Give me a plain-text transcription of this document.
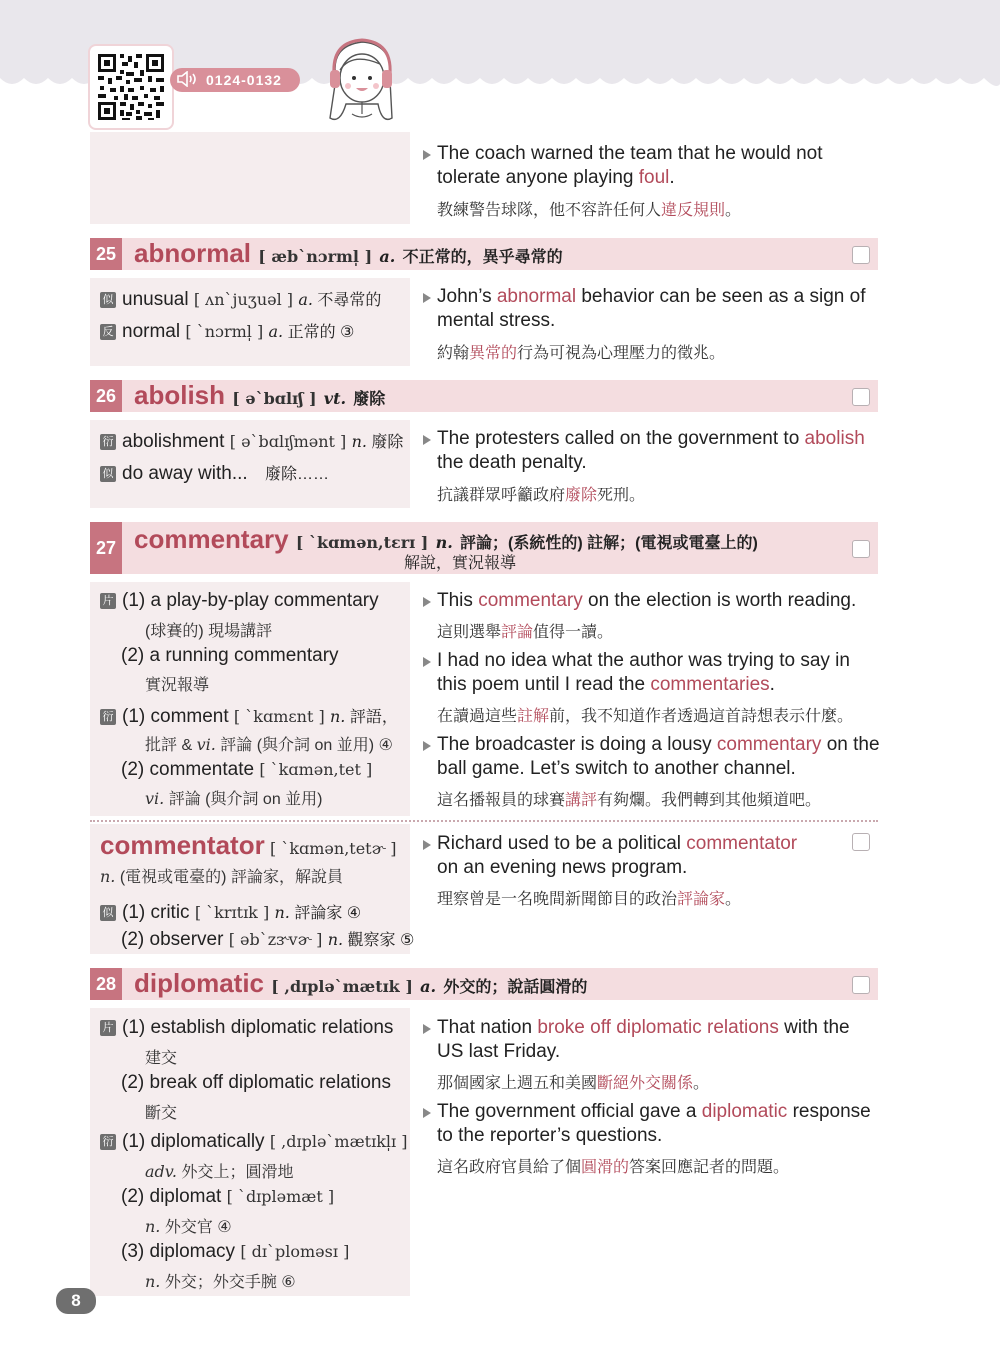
0124-0132
The coach warned the team that he would not
tolerate anyone playing foul.
教練警告球隊，他不容許任何人違反規則。
25 abnormal [ æbˋnɔrml̩ ] a. 不正常的，異乎尋常的
似 unusual [ ʌnˋjuʒuəl ] a. 不尋常的
反 normal [ ˋnɔrml̩ ] a. 正常的 ③
John’s abnormal behavior can be seen as a sign of
mental stress.
約翰異常的行為可視為心理壓力的徵兆。
26 abolish [ əˋbɑlɪʃ ] vt. 廢除
衍 abolishment [ əˋbɑlɪʃmənt ] n. 廢除
似 do away with... 廢除……
The protesters called on the government to abolish
the death penalty.
抗議群眾呼籲政府廢除死刑。
27 commentary [ ˋkɑmən,tɛrɪ ] n. 評論；(系統性的) 註解；(電視或電臺上的)
解說，實況報導
片 (1) a play-by-play commentary
(球賽的) 現場講評
(2) a running commentary
實況報導
衍 (1) comment [ ˋkɑmɛnt ] n. 評語，
批評 & vi. 評論 (與介詞 on 並用) ④
(2) commentate [ ˋkɑmən,tet ]
vi. 評論 (與介詞 on 並用)
This commentary on the election is worth reading.
這則選舉評論值得一讀。
I had no idea what the author was trying to say in
this poem until I read the commentaries.
在讀過這些註解前，我不知道作者透過這首詩想表示什麼。
The broadcaster is doing a lousy commentary on the
ball game. Let’s switch to another channel.
這名播報員的球賽講評有夠爛。我們轉到其他頻道吧。
commentator [ ˋkɑmən,tetɚ ]
n. (電視或電臺的) 評論家，解說員
似 (1) critic [ ˋkrɪtɪk ] n. 評論家 ④
(2) observer [ əbˋzɝvɚ ] n. 觀察家 ⑤
Richard used to be a political commentator
on an evening news program.
理察曾是一名晚間新聞節目的政治評論家。
28 diplomatic [ ,dɪpləˋmætɪk ] a. 外交的；說話圓滑的
片 (1) establish diplomatic relations
建交
(2) break off diplomatic relations
斷交
衍 (1) diplomatically [ ,dɪpləˋmætɪkl̩ɪ ]
adv. 外交上；圓滑地
(2) diplomat [ ˋdɪpləmæt ]
n. 外交官 ④
(3) diplomacy [ dɪˋploməsɪ ]
n. 外交；外交手腕 ⑥
That nation broke off diplomatic relations with the
US last Friday.
那個國家上週五和美國斷絕外交關係。
The government official gave a diplomatic response
to the reporter’s questions.
這名政府官員給了個圓滑的答案回應記者的問題。
8
